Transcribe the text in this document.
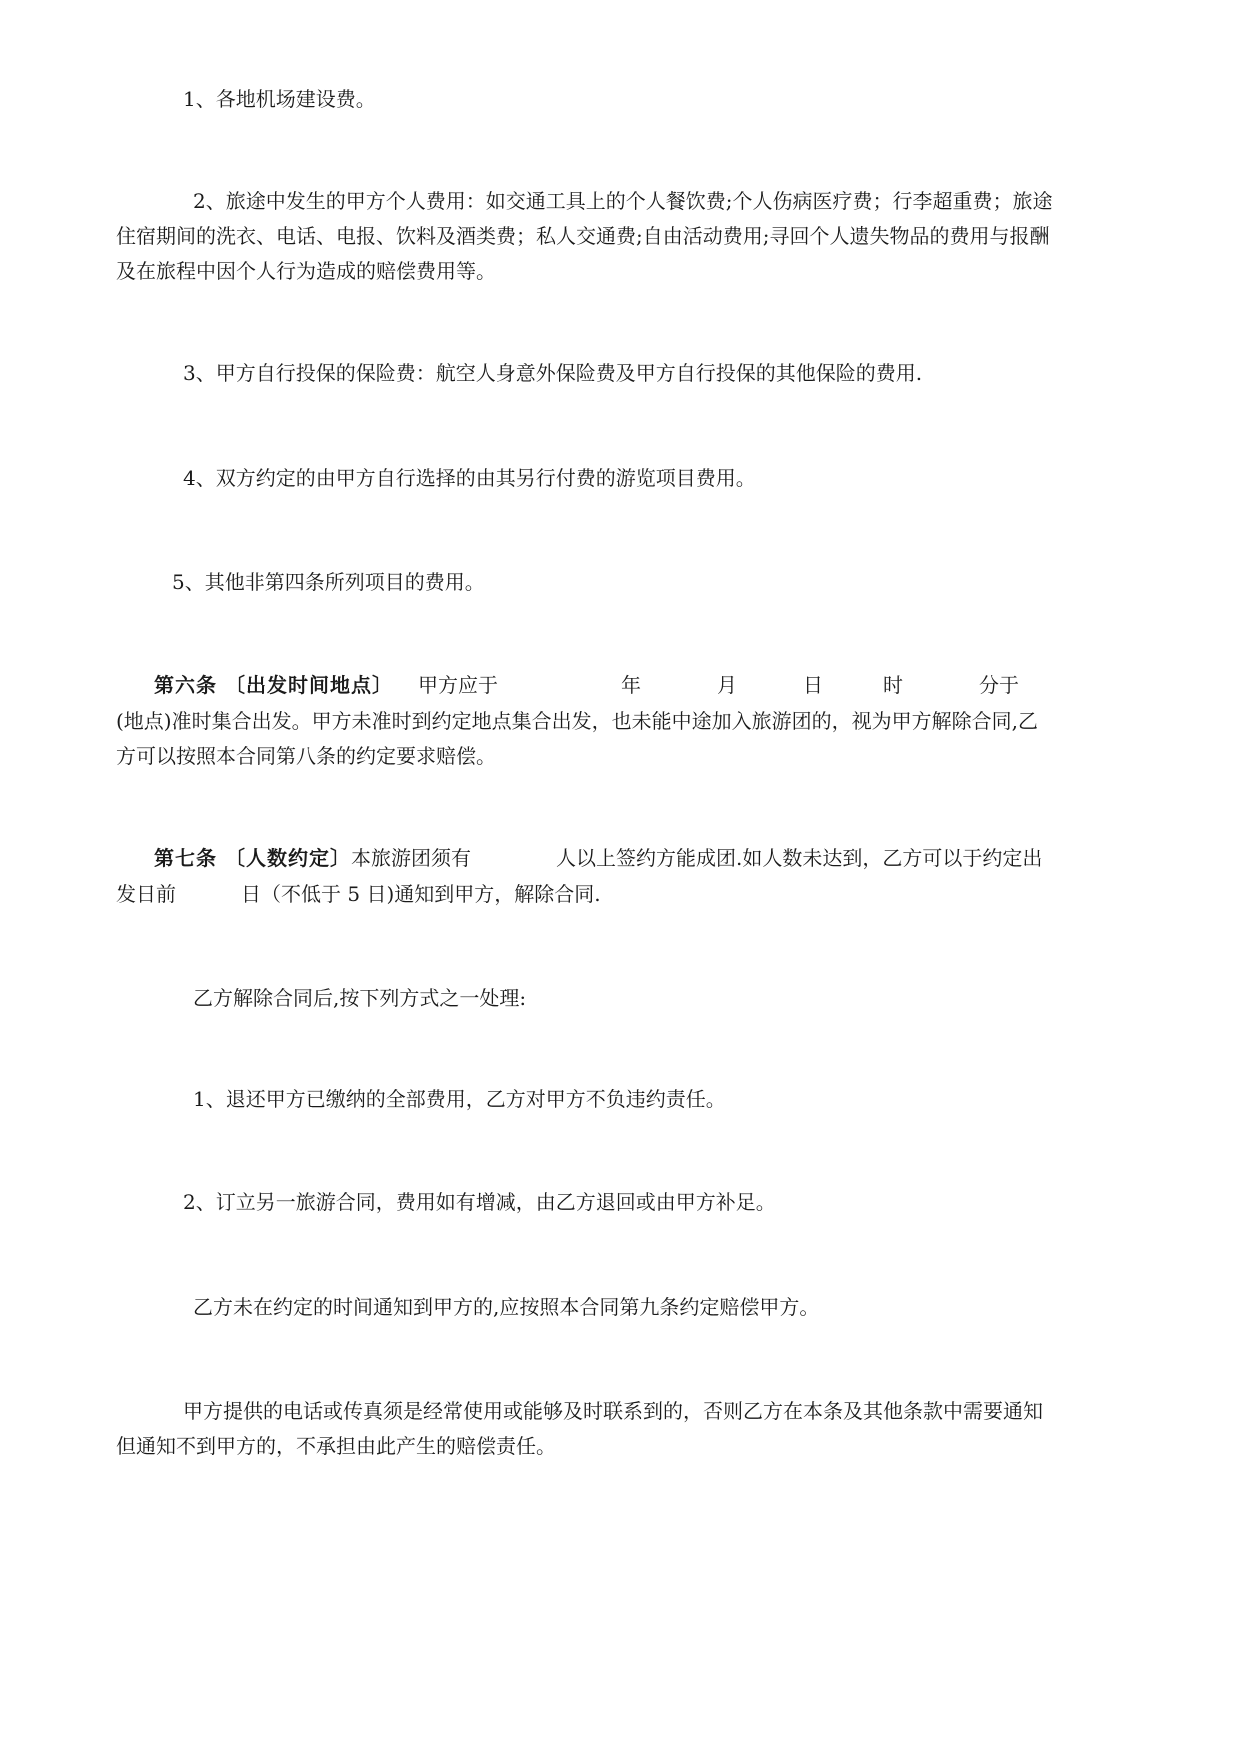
1、各地机场建设费。

2、旅途中发生的甲方个人费用：如交通工具上的个人餐饮费;个人伤病医疗费；行李超重费；旅途

住宿期间的洗衣、电话、电报、饮料及酒类费；私人交通费;自由活动费用;寻回个人遗失物品的费用与报酬

及在旅程中因个人行为造成的赔偿费用等。

3、甲方自行投保的保险费：航空人身意外保险费及甲方自行投保的其他保险的费用.

4、双方约定的由甲方自行选择的由其另行付费的游览项目费用。

5、其他非第四条所列项目的费用。

第六条 〔出发时间地点〕 甲方应于	年	月	日	时	分于

(地点)准时集合出发。甲方未准时到约定地点集合出发，也未能中途加入旅游团的，视为甲方解除合同,乙

方可以按照本合同第八条的约定要求赔偿。

第七条 〔人数约定〕 本旅游团须有	人以上签约方能成团.如人数未达到，乙方可以于约定出
发日前	日（不低于 5 日)通知到甲方，解除合同.

乙方解除合同后,按下列方式之一处理:

1、退还甲方已缴纳的全部费用，乙方对甲方不负违约责任。

2、订立另一旅游合同，费用如有增减，由乙方退回或由甲方补足。

乙方未在约定的时间通知到甲方的,应按照本合同第九条约定赔偿甲方。

甲方提供的电话或传真须是经常使用或能够及时联系到的，否则乙方在本条及其他条款中需要通知

但通知不到甲方的，不承担由此产生的赔偿责任。
